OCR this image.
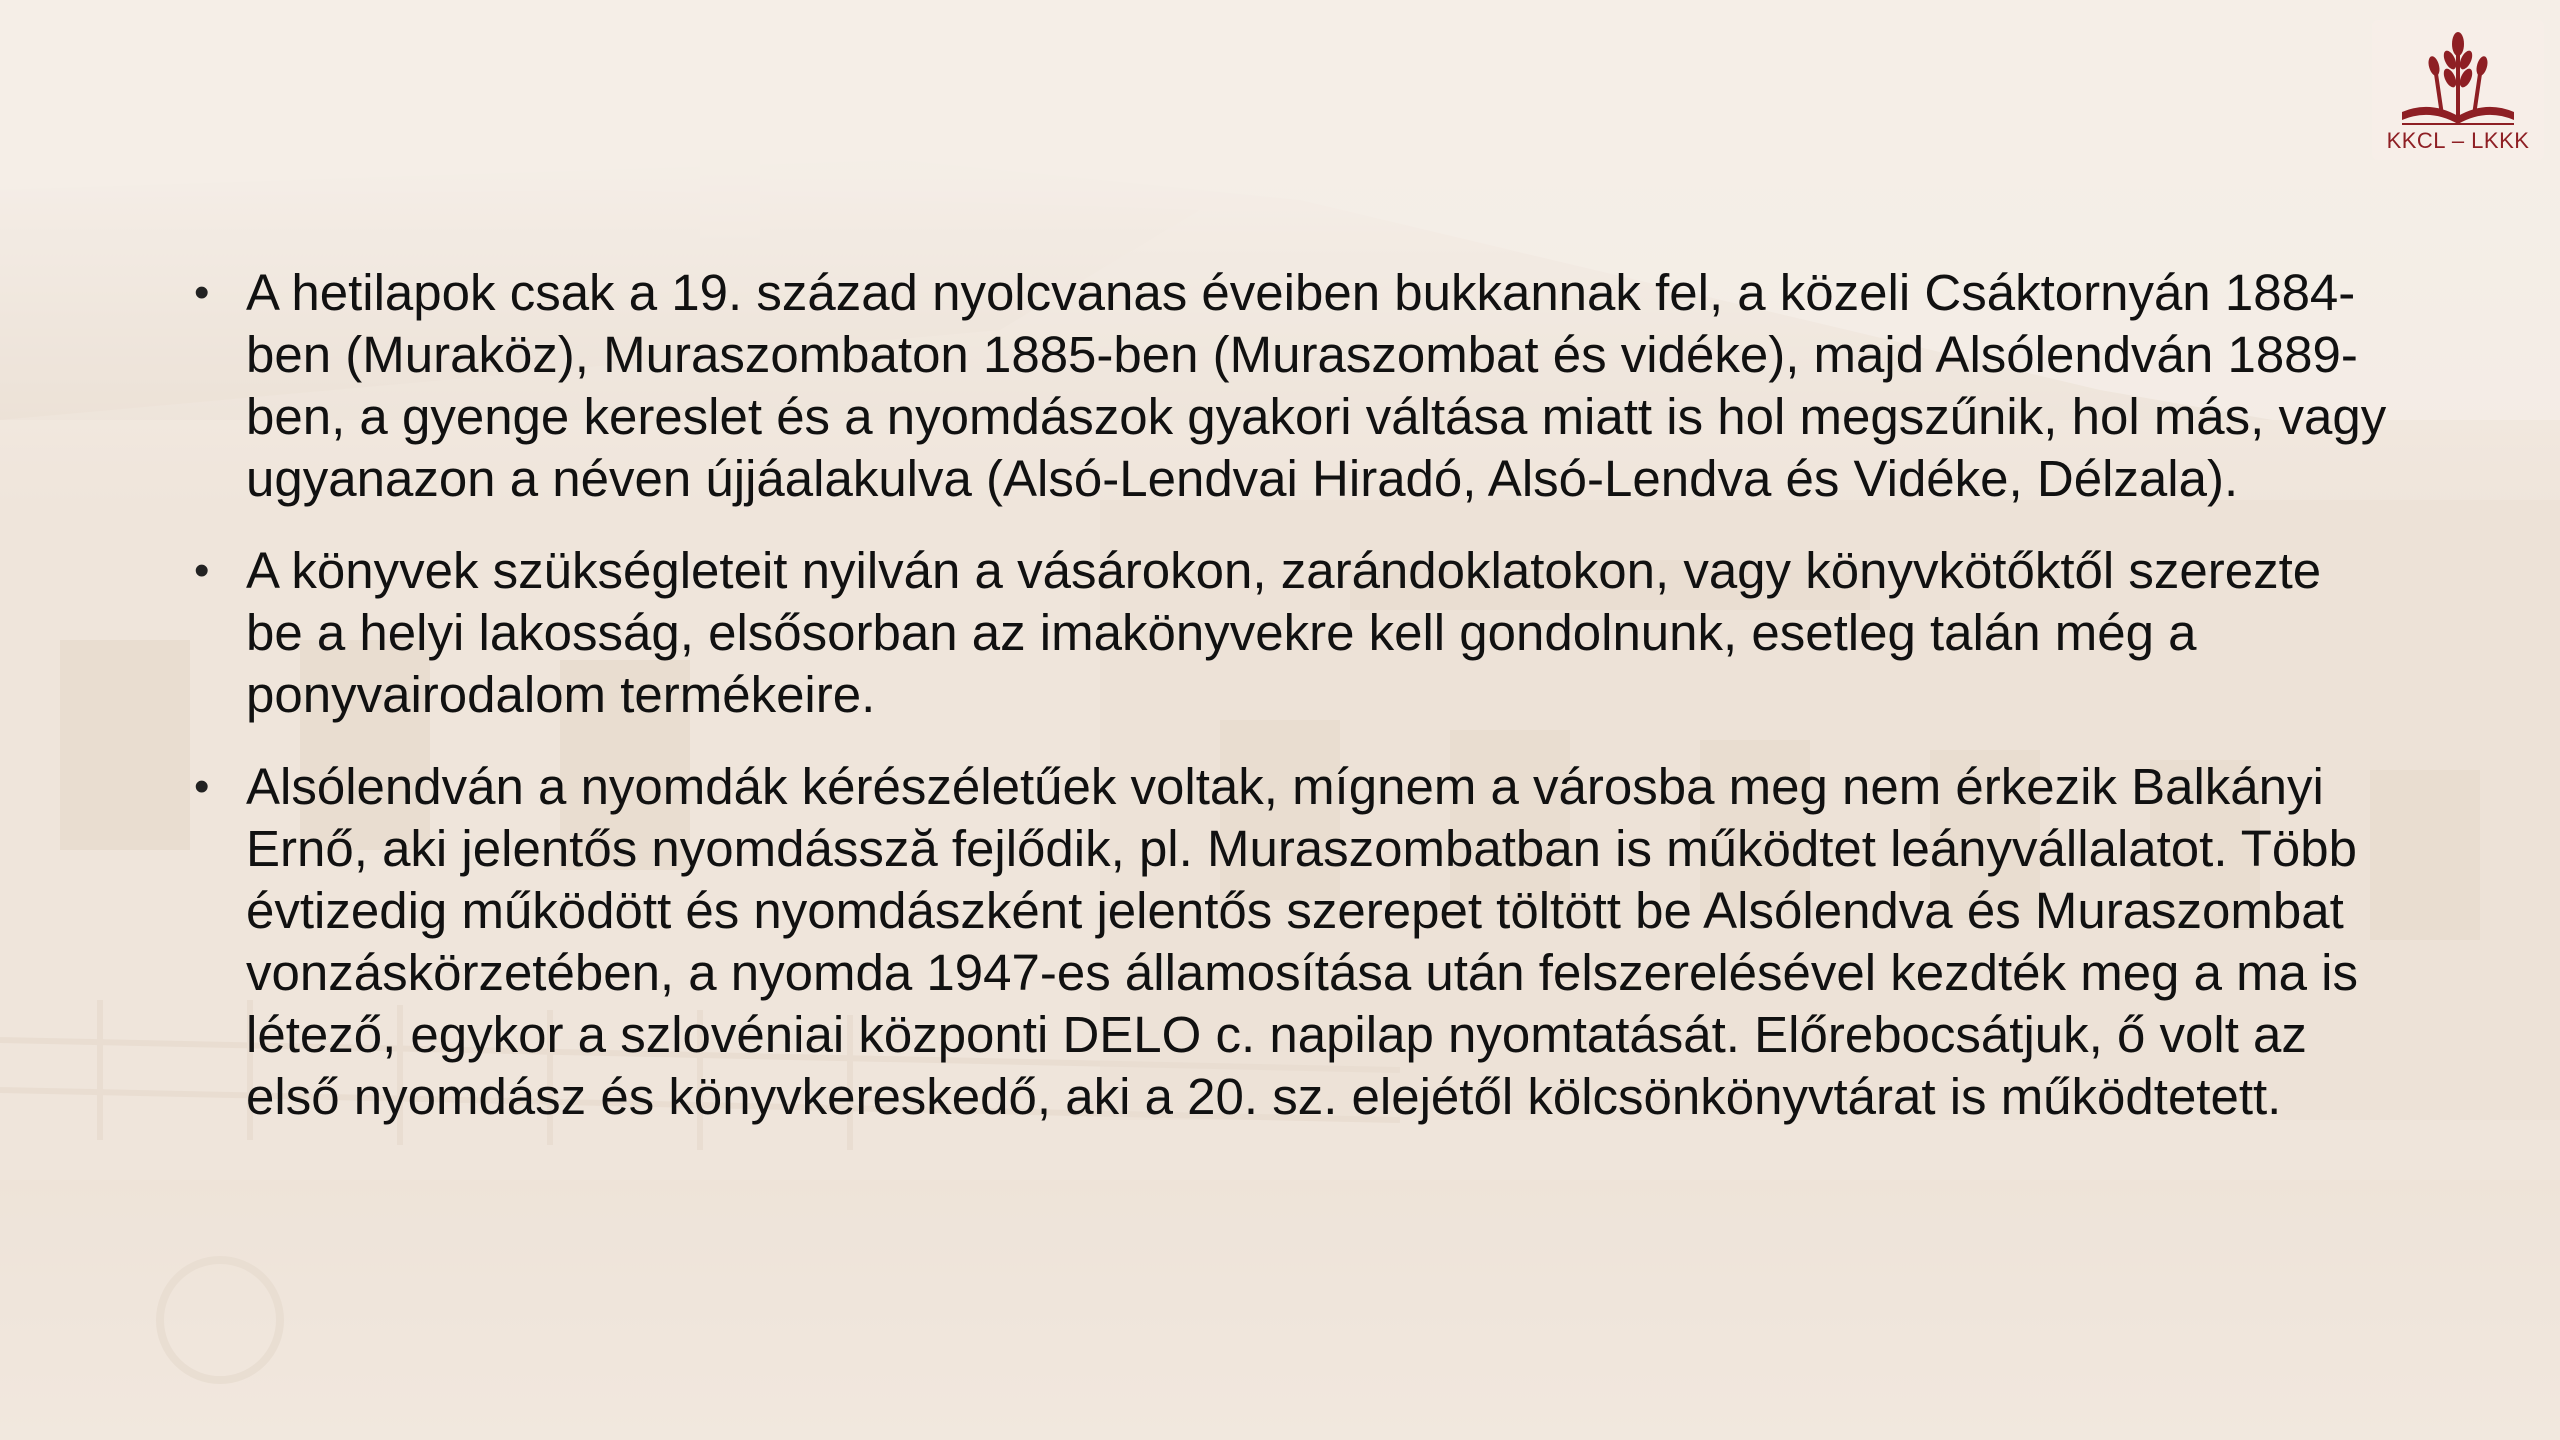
KKCL – LKKK
• A hetilapok csak a 19. század nyolcvanas éveiben bukkannak fel, a közeli Csáktornyán 1884-ben (Muraköz), Muraszombaton 1885-ben (Muraszombat és vidéke), majd Alsólendván 1889-ben, a gyenge kereslet és a nyomdászok gyakori váltása miatt is hol megszűnik, hol más, vagy ugyanazon a néven újjáalakulva (Alsó-Lendvai Hiradó, Alsó-Lendva és Vidéke, Délzala).
• A könyvek szükségleteit nyilván a vásárokon, zarándoklatokon, vagy könyvkötőktől szerezte be a helyi lakosság, elsősorban az imakönyvekre kell gondolnunk, esetleg talán még a ponyvairodalom termékeire.
• Alsólendván a nyomdák kérészéletűek voltak, mígnem a városba meg nem érkezik Balkányi Ernő, aki jelentős nyomdássză fejlődik, pl. Muraszombatban is működtet leányvállalatot. Több évtizedig működött és nyomdászként jelentős szerepet töltött be Alsólendva és Muraszombat vonzáskörzetében, a nyomda 1947-es államosítása után felszerelésével kezdték meg a ma is létező, egykor a szlovéniai központi DELO c. napilap nyomtatását. Előrebocsátjuk, ő volt az első nyomdász és könyvkereskedő, aki a 20. sz. elejétől kölcsönkönyvtárat is működtetett.
